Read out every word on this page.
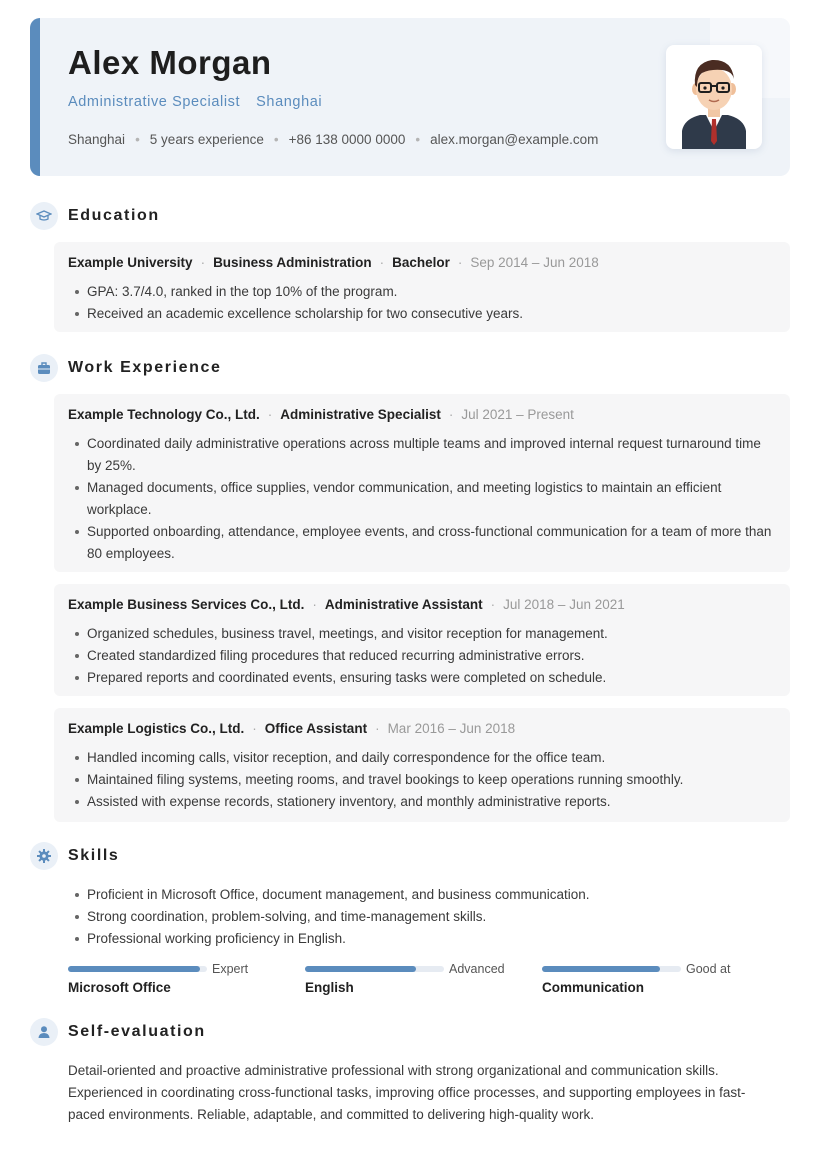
Alex Morgan
Administrative Specialist Shanghai
Shanghai • 5 years experience • +86 138 0000 0000 • alex.morgan@example.com
Education
Example University · Business Administration · Bachelor · Sep 2014 – Jun 2018
GPA: 3.7/4.0, ranked in the top 10% of the program.
Received an academic excellence scholarship for two consecutive years.
Work Experience
Example Technology Co., Ltd. · Administrative Specialist · Jul 2021 – Present
Coordinated daily administrative operations across multiple teams and improved internal request turnaround time by 25%.
Managed documents, office supplies, vendor communication, and meeting logistics to maintain an efficient workplace.
Supported onboarding, attendance, employee events, and cross-functional communication for a team of more than 80 employees.
Example Business Services Co., Ltd. · Administrative Assistant · Jul 2018 – Jun 2021
Organized schedules, business travel, meetings, and visitor reception for management.
Created standardized filing procedures that reduced recurring administrative errors.
Prepared reports and coordinated events, ensuring tasks were completed on schedule.
Example Logistics Co., Ltd. · Office Assistant · Mar 2016 – Jun 2018
Handled incoming calls, visitor reception, and daily correspondence for the office team.
Maintained filing systems, meeting rooms, and travel bookings to keep operations running smoothly.
Assisted with expense records, stationery inventory, and monthly administrative reports.
Skills
Proficient in Microsoft Office, document management, and business communication.
Strong coordination, problem-solving, and time-management skills.
Professional working proficiency in English.
Expert
Microsoft Office
Advanced
English
Good at
Communication
Self-evaluation
Detail-oriented and proactive administrative professional with strong organizational and communication skills. Experienced in coordinating cross-functional tasks, improving office processes, and supporting employees in fast-paced environments. Reliable, adaptable, and committed to delivering high-quality work.
